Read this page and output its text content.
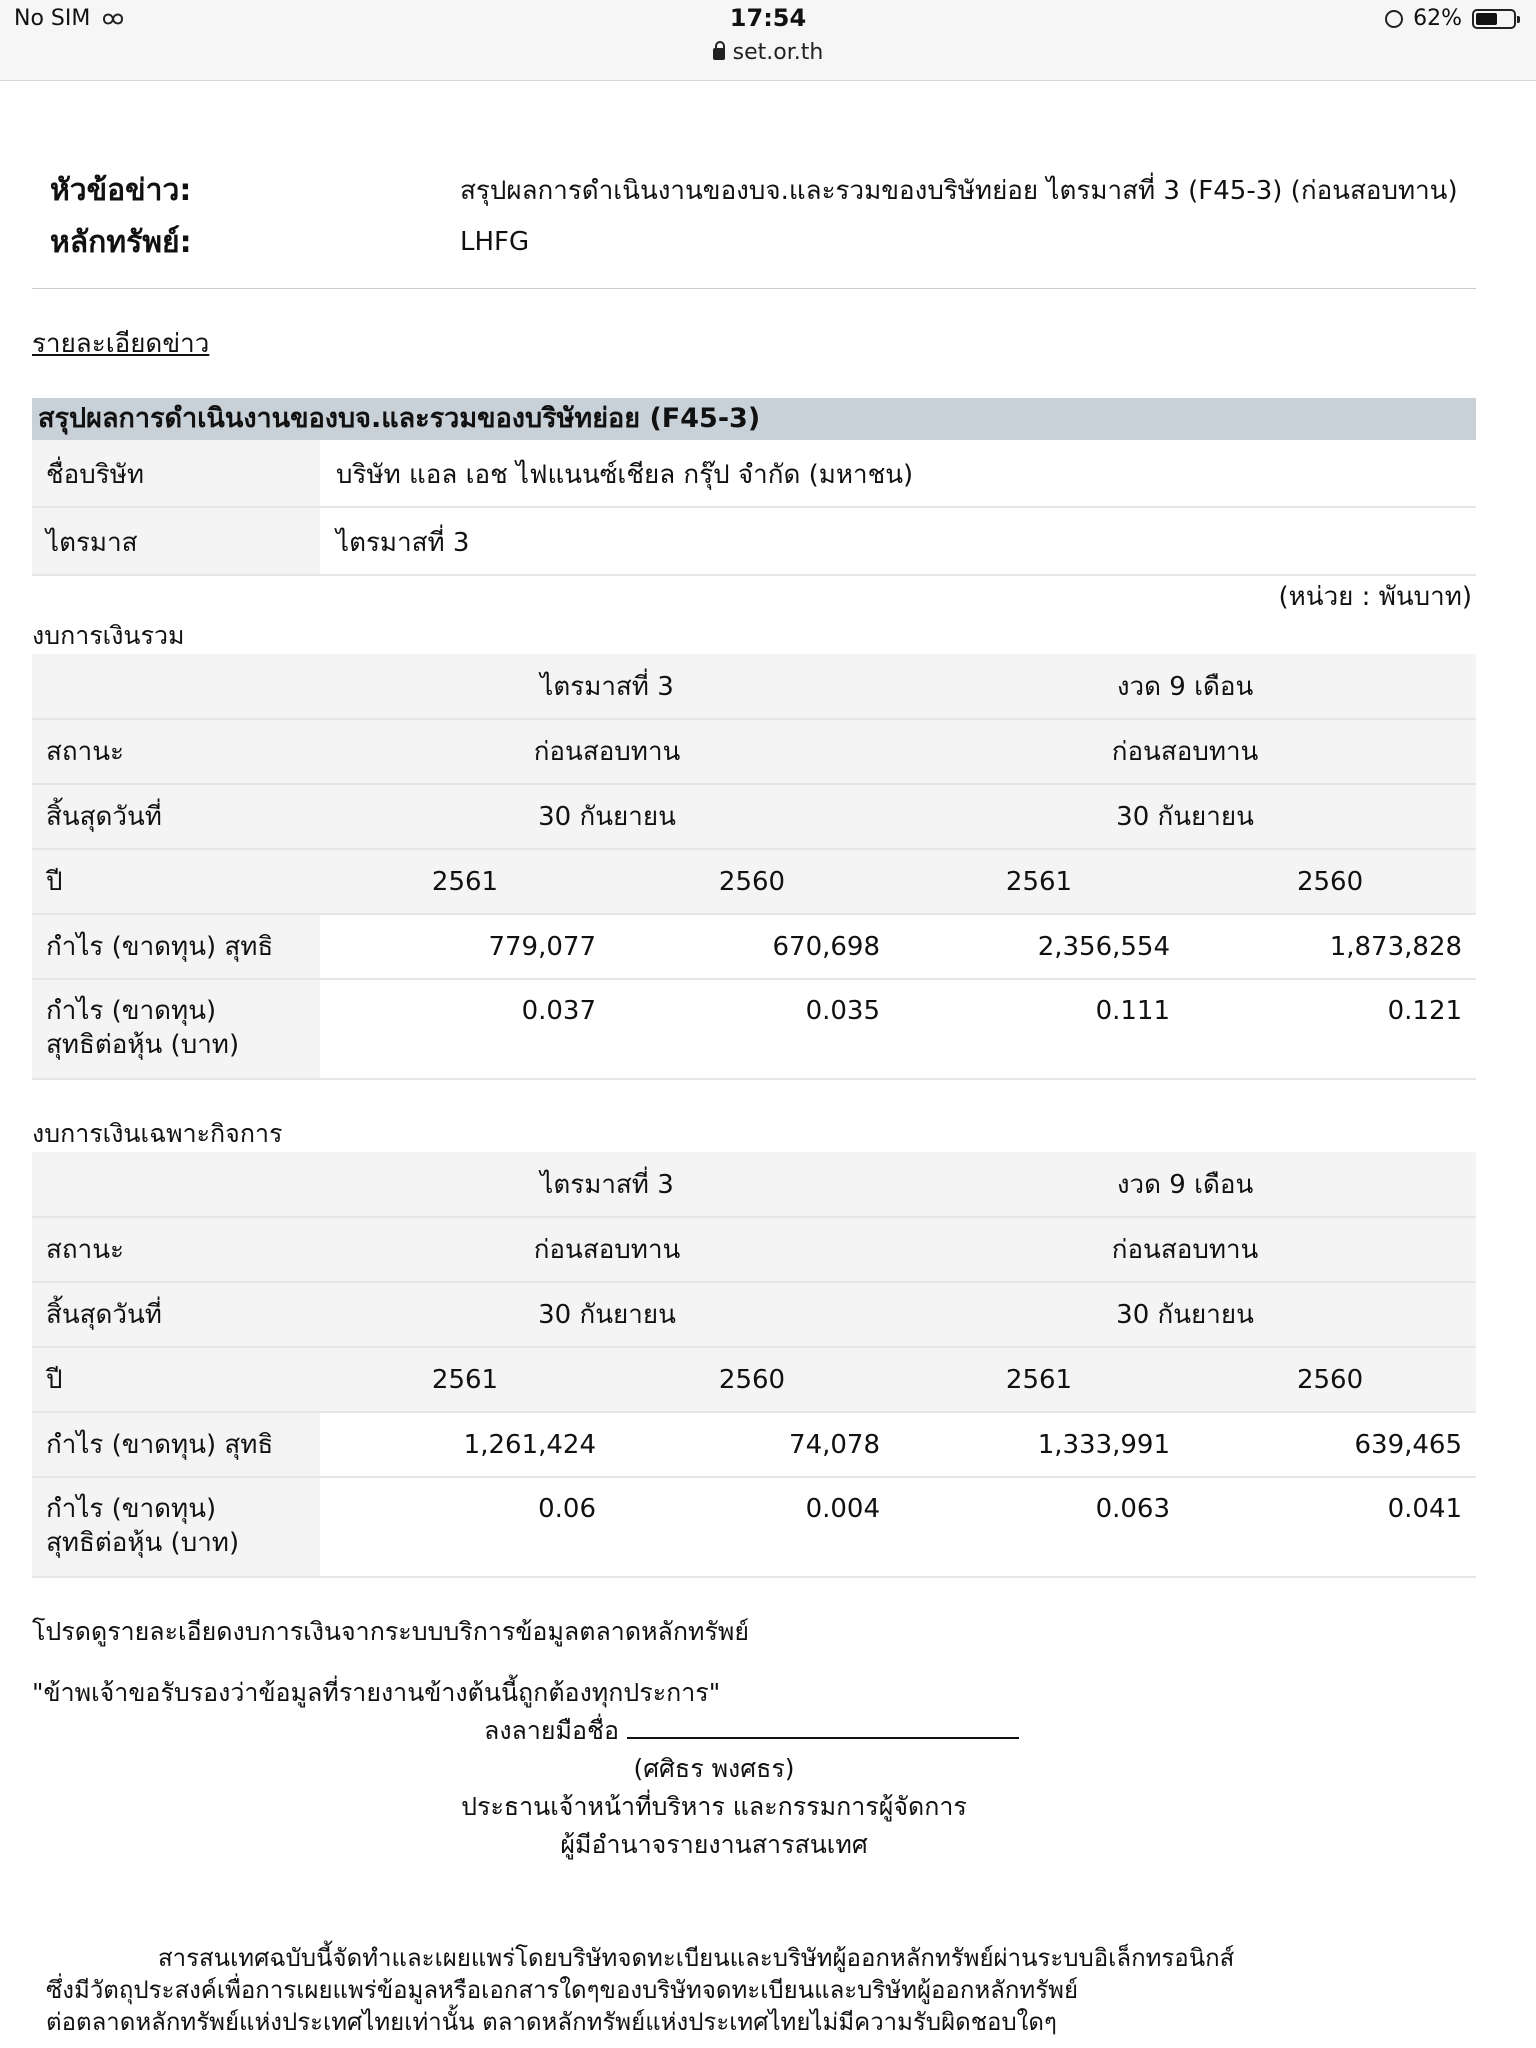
No SIM	17:54
set.or.th
62%
หัวข้อข่าว:	สรุปผลการดำเนินงานของบจ.และรวมของบริษัทย่อย ไตรมาสที่ 3 (F45-3) (ก่อนสอบทาน)
หลักทรัพย์:	LHFG
รายละเอียดข่าว
สรุปผลการดำเนินงานของบจ.และรวมของบริษัทย่อย (F45-3)
ชื่อบริษัท	บริษัท แอล เอช ไฟแนนซ์เชียล กรุ๊ป จำกัด (มหาชน)
ไตรมาส	ไตรมาสที่ 3
(หน่วย : พันบาท)
งบการเงินรวม
	ไตรมาสที่ 3		งวด 9 เดือน	
สถานะ	ก่อนสอบทาน		ก่อนสอบทาน	
สิ้นสุดวันที่	30 กันยายน		30 กันยายน	
ปี	2561	2560	2561	2560
กำไร (ขาดทุน) สุทธิ	779,077	670,698	2,356,554	1,873,828
กำไร (ขาดทุน)
สุทธิต่อหุ้น (บาท)	0.037	0.035	0.111	0.121
งบการเงินเฉพาะกิจการ
	ไตรมาสที่ 3		งวด 9 เดือน	
สถานะ	ก่อนสอบทาน		ก่อนสอบทาน	
สิ้นสุดวันที่	30 กันยายน		30 กันยายน	
ปี	2561	2560	2561	2560
กำไร (ขาดทุน) สุทธิ	1,261,424	74,078	1,333,991	639,465
กำไร (ขาดทุน)
สุทธิต่อหุ้น (บาท)	0.06	0.004	0.063	0.041
โปรดดูรายละเอียดงบการเงินจากระบบบริการข้อมูลตลาดหลักทรัพย์
"ข้าพเจ้าขอรับรองว่าข้อมูลที่รายงานข้างต้นนี้ถูกต้องทุกประการ"
ลงลายมือชื่อ
(ศศิธร พงศธร)
ประธานเจ้าหน้าที่บริหาร และกรรมการผู้จัดการ
ผู้มีอำนาจรายงานสารสนเทศ
สารสนเทศฉบับนี้จัดทำและเผยแพร่โดยบริษัทจดทะเบียนและบริษัทผู้ออกหลักทรัพย์ผ่านระบบอิเล็กทรอนิกส์
ซึ่งมีวัตถุประสงค์เพื่อการเผยแพร่ข้อมูลหรือเอกสารใดๆของบริษัทจดทะเบียนและบริษัทผู้ออกหลักทรัพย์
ต่อตลาดหลักทรัพย์แห่งประเทศไทยเท่านั้น ตลาดหลักทรัพย์แห่งประเทศไทยไม่มีความรับผิดชอบใดๆ
